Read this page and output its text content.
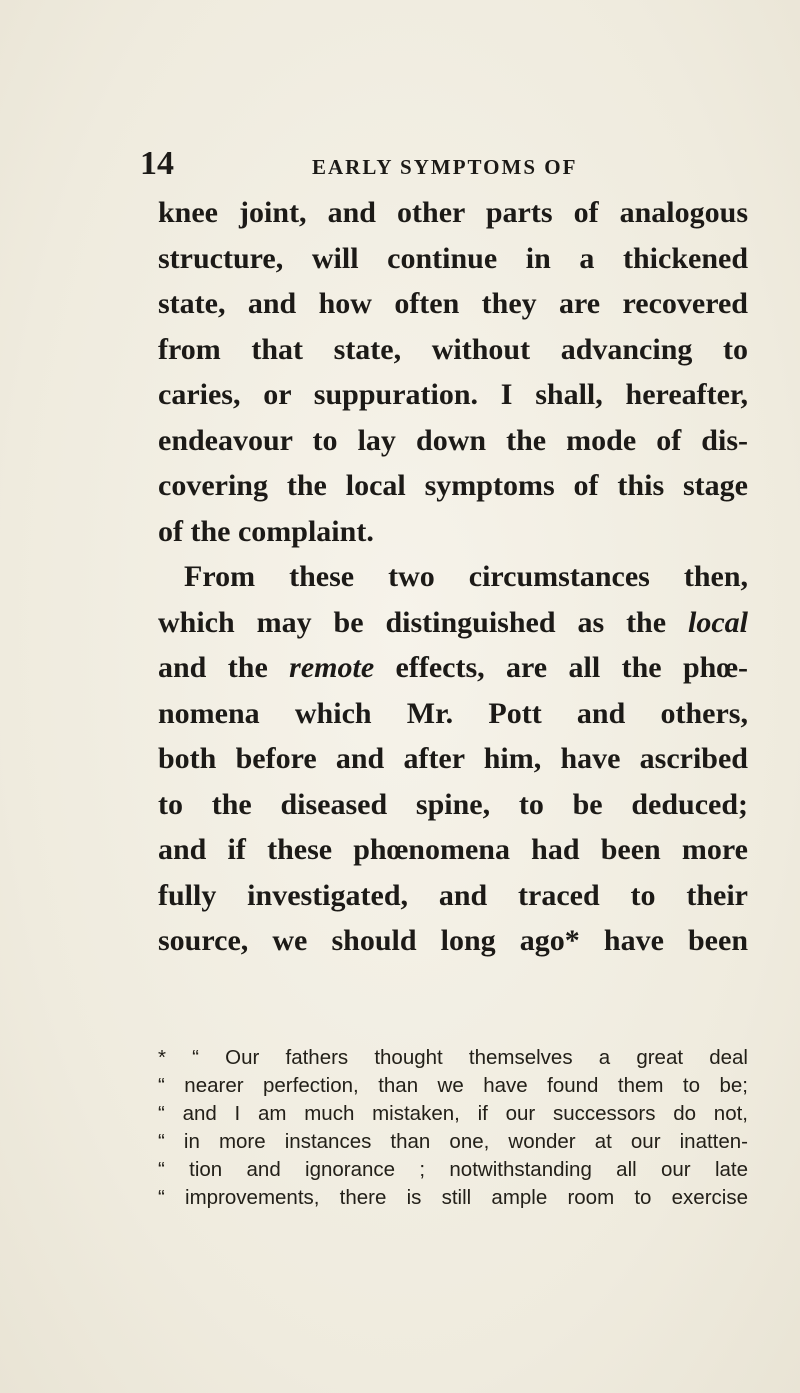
14	EARLY SYMPTOMS OF
knee joint, and other parts of analogous
structure, will continue in a thickened
state, and how often they are recovered
from that state, without advancing to
caries, or suppuration. I shall, hereafter,
endeavour to lay down the mode of dis-
covering the local symptoms of this stage
of the complaint.
From these two circumstances then,
which may be distinguished as the local
and the remote effects, are all the phœ-
nomena which Mr. Pott and others,
both before and after him, have ascribed
to the diseased spine, to be deduced;
and if these phœnomena had been more
fully investigated, and traced to their
source, we should long ago* have been
* “ Our fathers thought themselves a great deal
“ nearer perfection, than we have found them to be;
“ and I am much mistaken, if our successors do not,
“ in more instances than one, wonder at our inatten-
“ tion and ignorance ; notwithstanding all our late
“ improvements, there is still ample room to exercise
